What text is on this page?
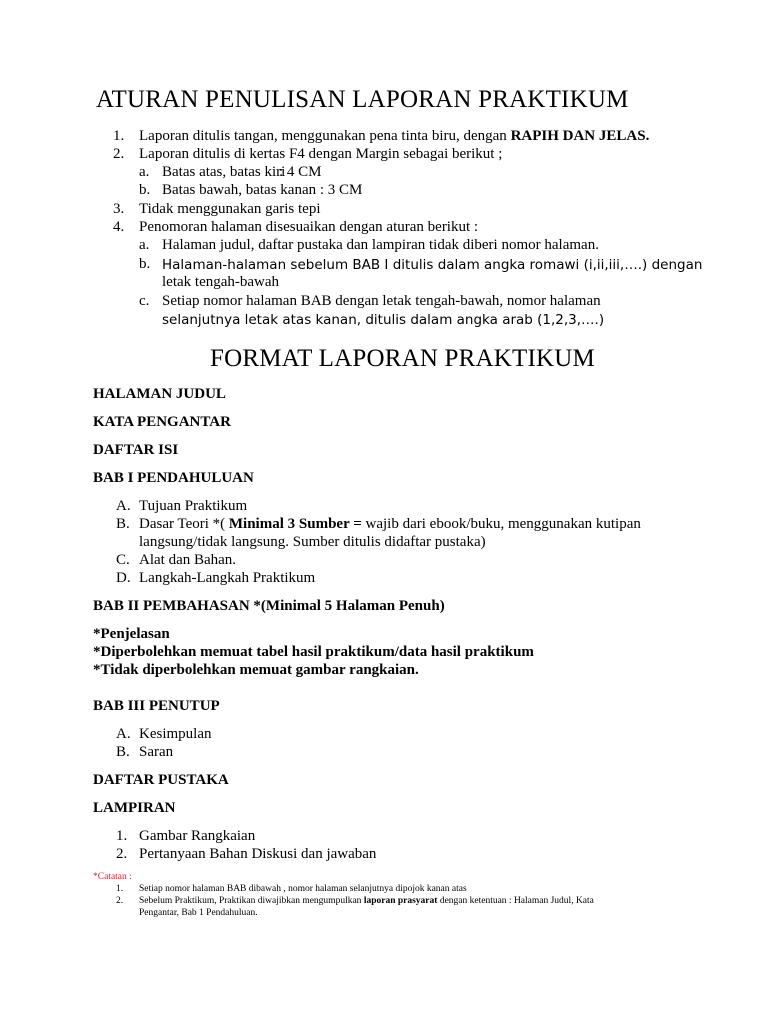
ATURAN PENULISAN LAPORAN PRAKTIKUM
1. Laporan ditulis tangan, menggunakan pena tinta biru, dengan RAPIH DAN JELAS.
2. Laporan ditulis di kertas F4 dengan Margin sebagai berikut ;
a. Batas atas, batas kiri: 4 CM
b. Batas bawah, batas kanan : 3 CM
3. Tidak menggunakan garis tepi
4. Penomoran halaman disesuaikan dengan aturan berikut :
a. Halaman judul, daftar pustaka dan lampiran tidak diberi nomor halaman.
b. Halaman-halaman sebelum BAB I ditulis dalam angka romawi (i,ii,iii,….) dengan
letak tengah-bawah
c. Setiap nomor halaman BAB dengan letak tengah-bawah, nomor halaman
selanjutnya letak atas kanan, ditulis dalam angka arab (1,2,3,….)
FORMAT LAPORAN PRAKTIKUM
HALAMAN JUDUL
KATA PENGANTAR
DAFTAR ISI
BAB I PENDAHULUAN
A. Tujuan Praktikum
B. Dasar Teori *( Minimal 3 Sumber = wajib dari ebook/buku, menggunakan kutipan
langsung/tidak langsung. Sumber ditulis didaftar pustaka)
C. Alat dan Bahan.
D. Langkah-Langkah Praktikum
BAB II PEMBAHASAN *(Minimal 5 Halaman Penuh)
*Penjelasan
*Diperbolehkan memuat tabel hasil praktikum/data hasil praktikum
*Tidak diperbolehkan memuat gambar rangkaian.
BAB III PENUTUP
A. Kesimpulan
B. Saran
DAFTAR PUSTAKA
LAMPIRAN
1. Gambar Rangkaian
2. Pertanyaan Bahan Diskusi dan jawaban
*Catatan :
1. Setiap nomor halaman BAB dibawah , nomor halaman selanjutnya dipojok kanan atas
2. Sebelum Praktikum, Praktikan diwajibkan mengumpulkan laporan prasyarat dengan ketentuan : Halaman Judul, Kata
Pengantar, Bab 1 Pendahuluan.
